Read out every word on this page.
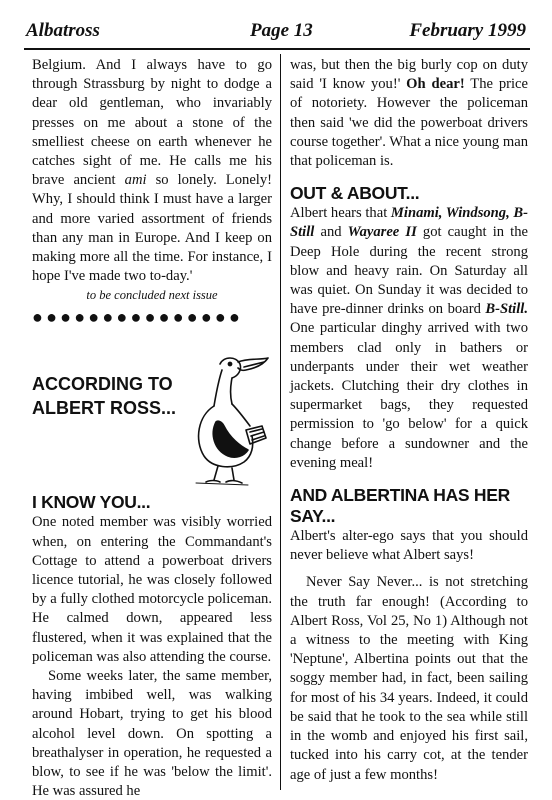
Albatross	Page 13	February 1999

Belgium. And I always have to go through Strassburg by night to dodge a dear old gentleman, who invariably presses on me about a stone of the smelliest cheese on earth whenever he catches sight of me. He calls me his brave ancient ami so lonely. Lonely! Why, I should think I must have a larger and more varied assortment of friends than any man in Europe. And I keep on making more all the time. For instance, I hope I've made two to-day.'

to be concluded next issue
●●●●●●●●●●●●●●●
ACCORDING TO
ALBERT ROSS...
I KNOW YOU...

One noted member was visibly worried when, on entering the Commandant's Cottage to attend a powerboat drivers licence tutorial, he was closely followed by a fully clothed motorcycle policeman. He calmed down, appeared less flustered, when it was explained that the policeman was also attending the course.

Some weeks later, the same member, having imbibed well, was walking around Hobart, trying to get his blood alcohol level down. On spotting a breathalyser in operation, he requested a blow, to see if he was 'below the limit'. He was assured he

was, but then the big burly cop on duty said 'I know you!' Oh dear! The price of notoriety. However the policeman then said 'we did the powerboat drivers course together'. What a nice young man that policeman is.

OUT & ABOUT...

Albert hears that Minami, Windsong, B-Still and Wayaree II got caught in the Deep Hole during the recent strong blow and heavy rain. On Saturday all was quiet. On Sunday it was decided to have pre-dinner drinks on board B-Still. One particular dinghy arrived with two members clad only in bathers or underpants under their wet weather jackets. Clutching their dry clothes in supermarket bags, they requested permission to 'go below' for a quick change before a sundowner and the evening meal!

AND ALBERTINA HAS HER SAY...

Albert's alter-ego says that you should never believe what Albert says!

Never Say Never... is not stretching the truth far enough! (According to Albert Ross, Vol 25, No 1) Although not a witness to the meeting with King 'Neptune', Albertina points out that the soggy member had, in fact, been sailing for most of his 34 years. Indeed, it could be said that he took to the sea while still in the womb and enjoyed his first sail, tucked into his carry cot, at the tender age of just a few months!
